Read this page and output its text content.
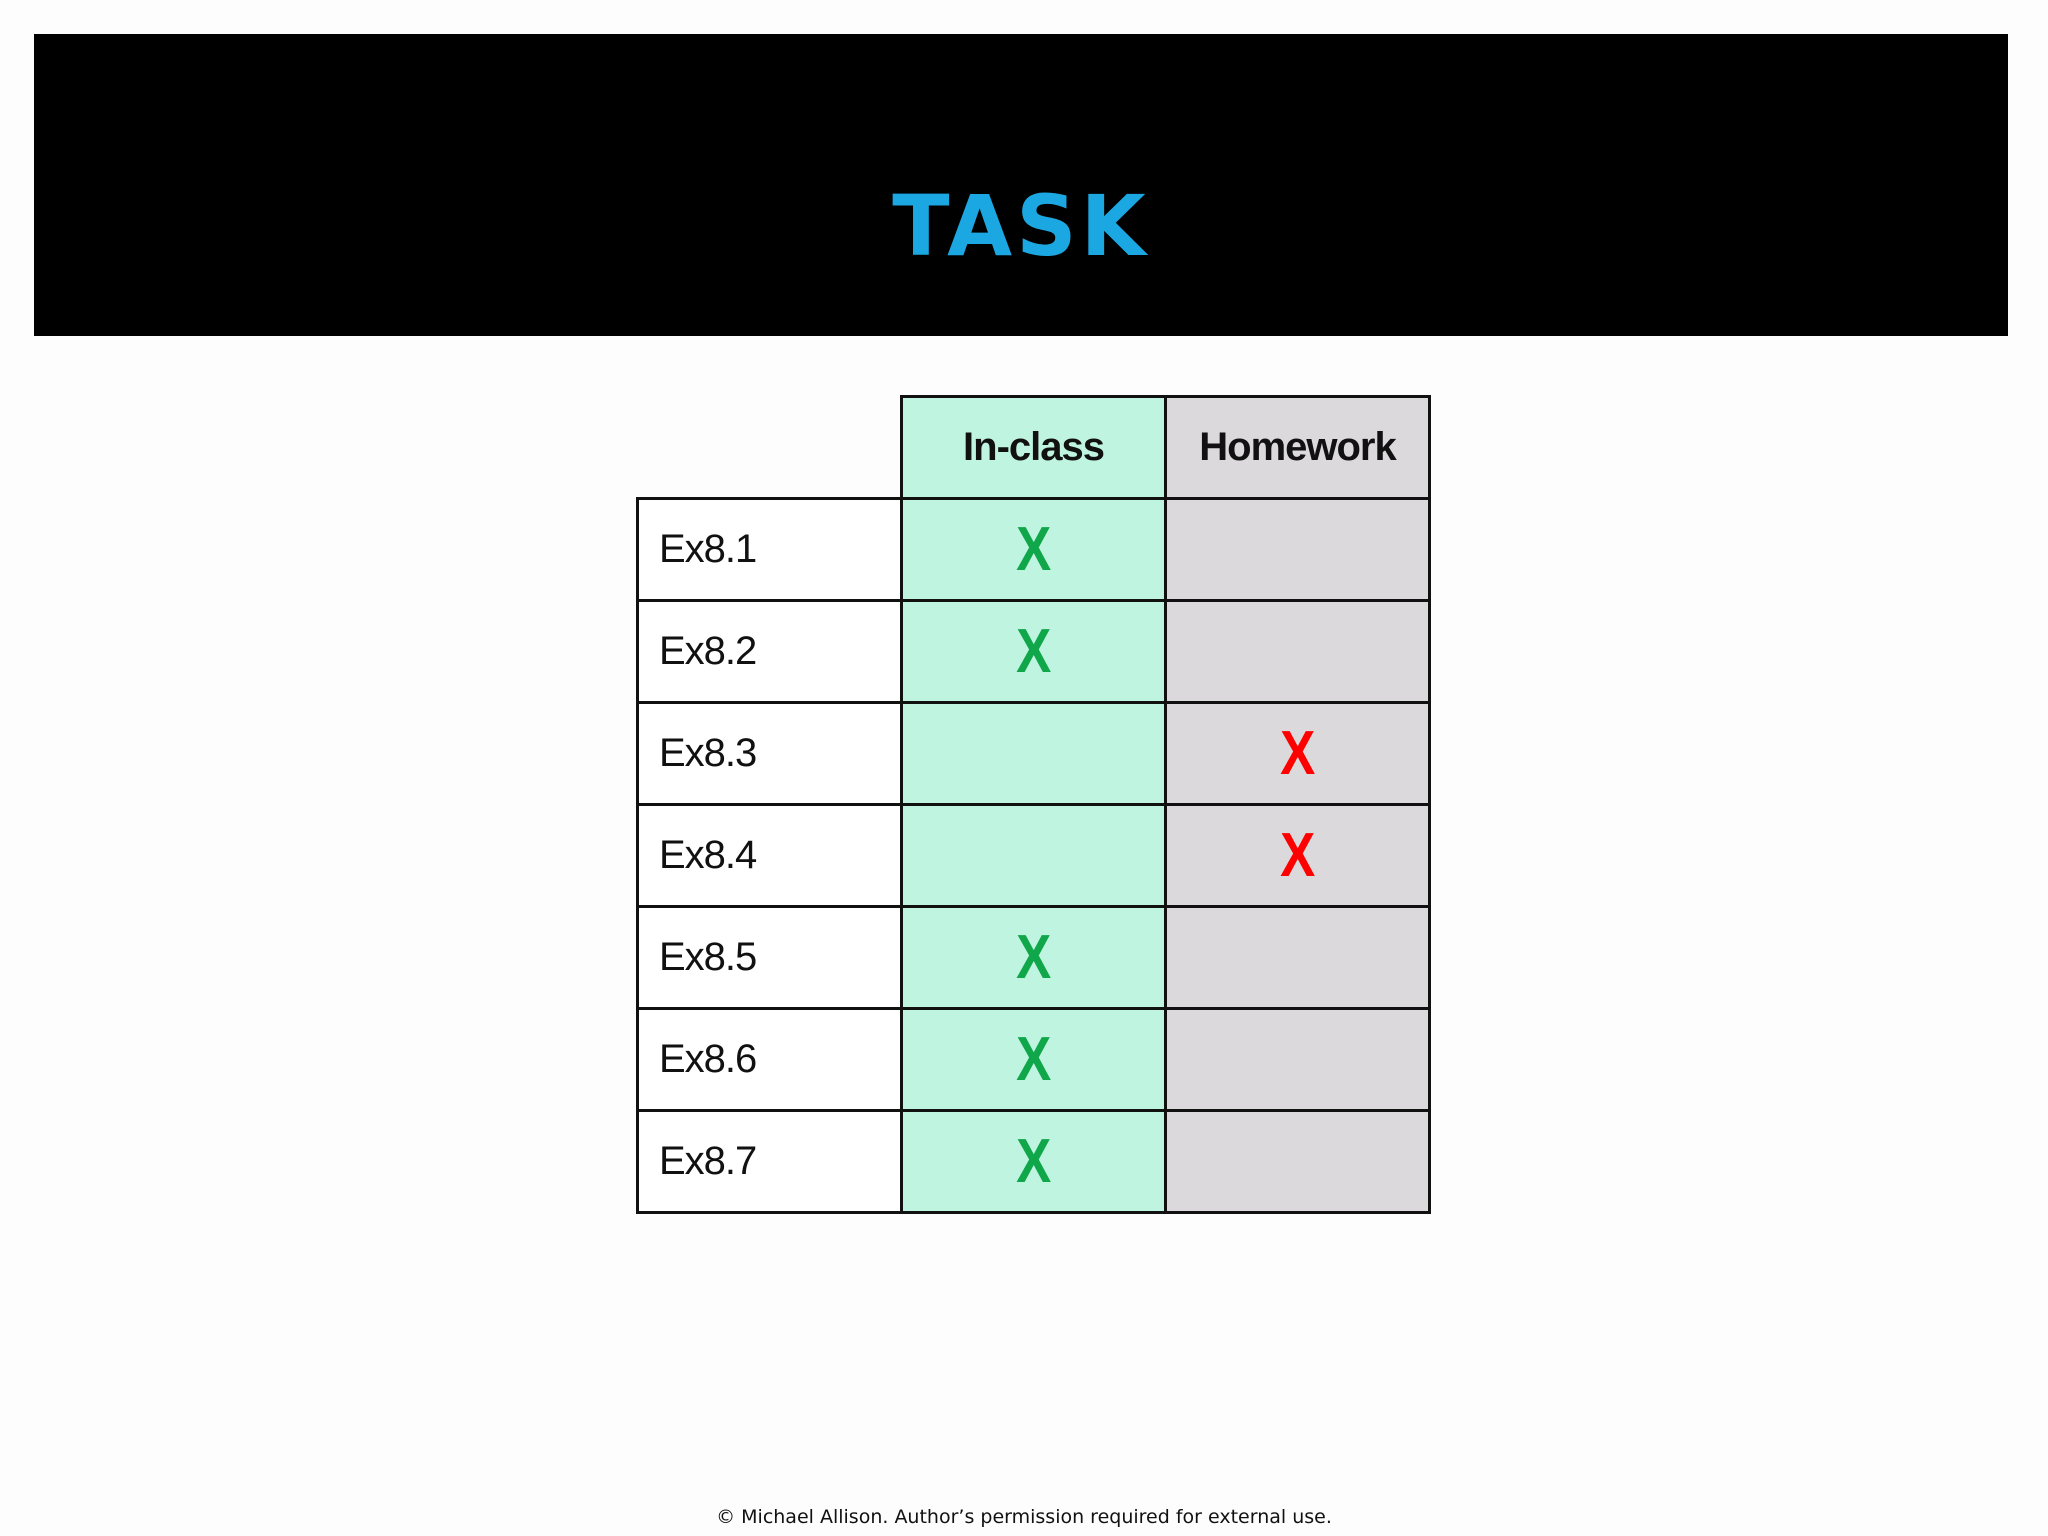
TASK
	In-class	Homework
Ex8.1	X	
Ex8.2	X	
Ex8.3		X
Ex8.4		X
Ex8.5	X	
Ex8.6	X	
Ex8.7	X	
© Michael Allison. Author’s permission required for external use.
